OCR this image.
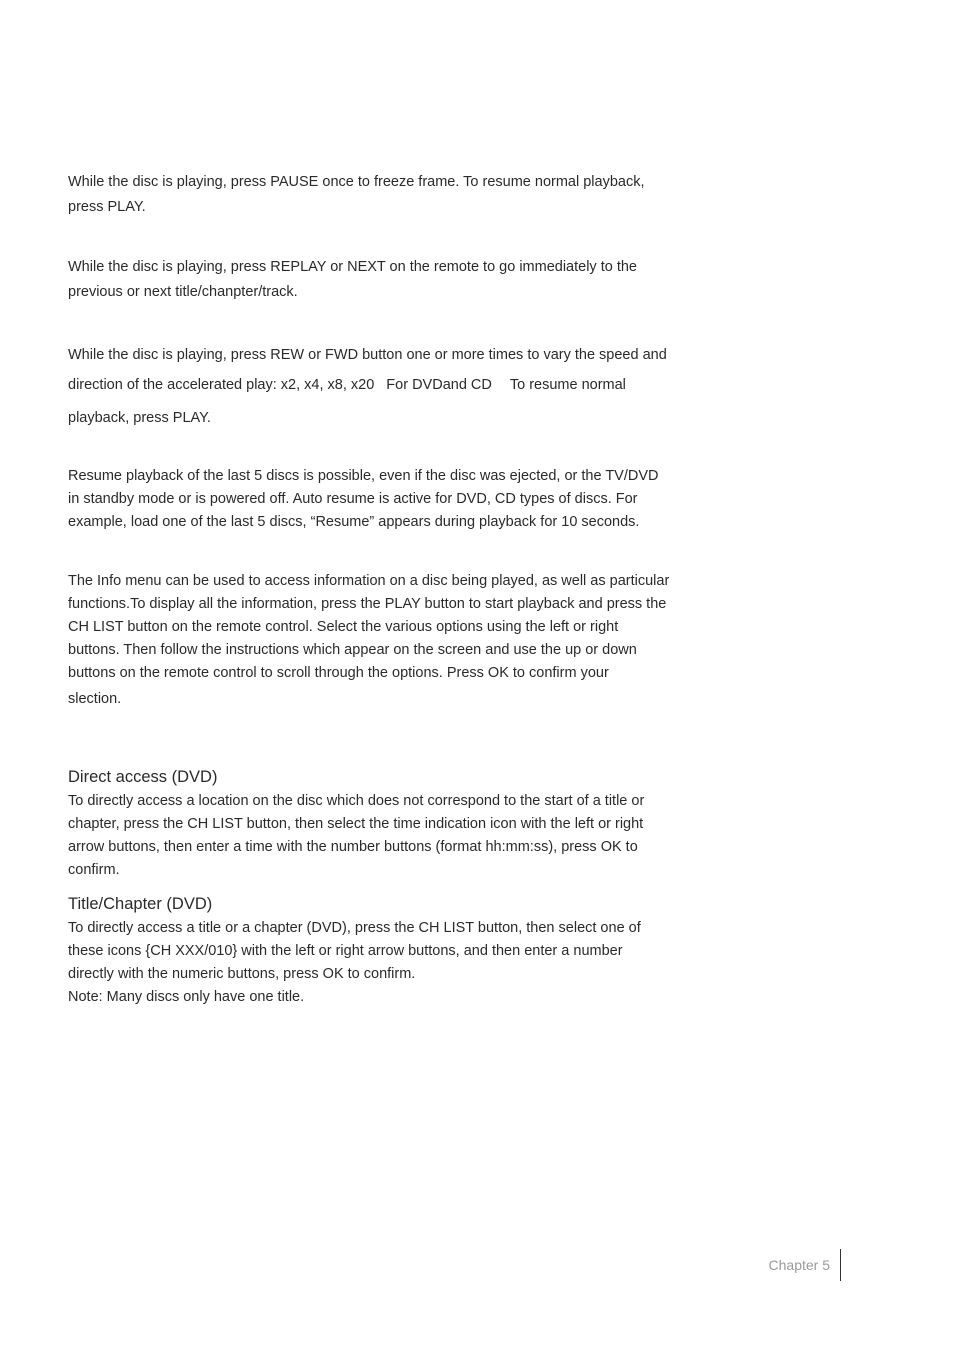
While the disc is playing, press PAUSE once to freeze frame. To resume normal playback,
press PLAY.
While the disc is playing, press REPLAY or NEXT on the remote to go immediately to the
previous or next title/chanpter/track.
While the disc is playing, press REW or FWD button one or more times to vary the speed and
direction of the accelerated play: x2, x4, x8, x20 For DVDand CD To resume normal
playback, press PLAY.
Resume playback of the last 5 discs is possible, even if the disc was ejected, or the TV/DVD
in standby mode or is powered off. Auto resume is active for DVD, CD types of discs. For
example, load one of the last 5 discs, “Resume” appears during playback for 10 seconds.
The Info menu can be used to access information on a disc being played, as well as particular
functions.To display all the information, press the PLAY button to start playback and press the
CH LIST button on the remote control. Select the various options using the left or right
buttons. Then follow the instructions which appear on the screen and use the up or down
buttons on the remote control to scroll through the options. Press OK to confirm your
slection.
Direct access (DVD)
To directly access a location on the disc which does not correspond to the start of a title or
chapter, press the CH LIST button, then select the time indication icon with the left or right
arrow buttons, then enter a time with the number buttons (format hh:mm:ss), press OK to
confirm.
Title/Chapter (DVD)
To directly access a title or a chapter (DVD), press the CH LIST button, then select one of
these icons {CH XXX/010} with the left or right arrow buttons, and then enter a number
directly with the numeric buttons, press OK to confirm.
Note: Many discs only have one title.
Chapter 5
